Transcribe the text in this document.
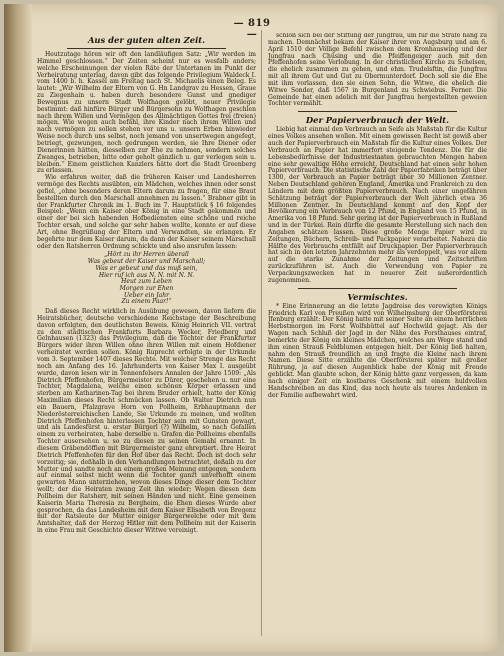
— 819 —
Aus der guten alten Zeit.

Heutzutage hören wir oft den landläufigen Satz: „Wir werden im Himmel geschlossen.“ Der Zeiten scheint nur es wesfalb anders; welche Erscheinungen der vielen Räte der Untertanen im Punkt der Verheiratung unterlag, davon gibt das folgende Privilegium Waldeck I. vom 1400 b. h. Kassel am Freitag nach St. Michaelis einen Beleg. Es lautet: „Wir Wilhelm der Eltern von G. Hn Landgrav zu Hessen, Graue zu Ziegenhain u. haben durch besondere Gunst und gnediger Bewegnus zu unsern Stadt Wolfhagen gelöbt, neuer Privilegie bestimmt: daß hinfüre Bürger und Bürgersohn zu Wolfhagen geschlen nach ihrem Willen und Vermögen des Allmächtigen Gottes frei (freien) mögen. Wie wegen auch befahl, ihre Kinder nach ihrem Willen und nach vermögen zu sollen stehen vor uns u. unsern Erben hinwieder Weise noch durch uns selbst, noch jemand von unsertwegen angefegt, betriegt, gezwungen, noch gedrungen werden, sie Ihre Diener oder Dienerinnen hätten, diesselben zur Ehe zu nehmen, sondern solches Zwanges, betrieben, bitte oder geholt gänzlich u. gar verlegen sein u. bleiben.“ Einem geistlichen Kanzlers hätte dort die Stadt Greenberg zu erlassen.

Wie erfahren weiter, daß die früheren Kaiser und Landesherren vermöge des Rechts ausübten, ein Mädchen, welches ihnen oder sonst gefiel, „ohne besonders deren Eltern darum zu fragen, für eine Braut bestellten durch den Marschall annehmen zu lassen.“ Brabner gibt in der Frankfurter Chronik im 1. Buch im 7. Hauptstück § 16 folgendes Beispiel: „Wenn ein Kaiser ober König in eine Stadt gekommen und einer der bei sich habenden Hofbediensten eine schöne und reiche Tochter ersah, und solche gar sehr haben wollte, konnte er auf diese Art, ohne Begrüßung der Eltern und Verwandten, sie erlangen. Er begehrte nur dem Kaiser darum, da dann der Kaiser seinem Marschall oder den Ratsherren Ordnung schickte und also ansrufen lassen:

„Hört zu ihr Herren überall
Was gebeut der Kaiser und Marschall;
Was er gebeut und das muß sein,
Hier ruf ich aus N. N. mit N. N.
Heut zum Leben
Morgen zur Ehen
Ueber ein Jahr
Zu einem Paar!“

Daß dieses Recht wirklich in Ausübung gewesen, davon liefern die Heiratsbücher, deutsche verschiedene Reichstage der Beschreibung davon erfolgten, den deutlichsten Beweis. König Heinrich VII. vertrat zu den städtischen Frankfurts Barbara Wecker, Friedberg und Gelnhausen (1323) das Privilegium, daß die Töchter der Frankfurter Bürgers wider ihren Willen ohne ihren Willen mit einem Hofdiener verheiratet werden sollen. König Ruprecht erfolgte in der Urkunde vom 3. September 1407 dieses Rechte. Mit welcher Strenge das Recht noch am Anfang des 16. Jahrhunderts von Kaiser Max I. ausgeübt wurde, davon lesen wir in Tennenfelsers Annalen der Jahre 1509: „Als Dietrich Pfeffenhofen, Bürgermeister zu Dürer, geschehen u. nur eine Tochter, Magdalena, welche einen schönen Körper erlassen und sterben am Katharinen-Tag bei ihrem Bruder erhielt, hatte der König Maximilian dieses Recht schmücken lassen. Ob Walter Dietrich nun ein Bauern, Pfalzgrave Horn von Pollheim, Erbhauptmann der Niederösterreichischen Lande, Sie Urkunde zu meinen, und wollten Dietrich Pfeffenhofen hinterlassen Tochter sein mit Gunsten gewagt, und als Landesfürst u. erster Bürgerl (?) Wilhelm, so nach Gefallen einem zu verheiraten, habe derselbe u. Grafen die Pollheims ebenfalls Tochter ausersehen u. so zu diesen zu seinen Gemahl ernannt. In diesem Gräbendöffien mit Bürgermeister ganz ehreptiert. Ihre Heirat Dietrich Pfeffenhofen für den Hof über das Recht. Doch ist doch sehr vorzeitig; sie, deßhalb in den Verhandlungen betrachtet, deßalb zu der Mutter und sandte noch an einem großen Meinung entgegen, sondern auf einmal selbst nicht wenn die Tochter ganzt unverhofft einem gewarten Mann unterziehen, wovon dieses Dinge dieser dem Tochter wollt; der die Heiraten zwang Zeit ihn wieder; Wegen diesen dem Pollheim der Ratsherr, mit seinen Händen und nicht. Eine gemeinen Kaiserin Maria Theresia zu Bergheim, die Ehen dieses Wurde aber gesprochen, da das Landesheim mit dem Kaiser Elisabeth von Bregenz mit der Ratsleute der Mutter einiger Bürgerwelche oder mit dem Amtshalter, daß der Herzog Hitler mit dem Pollheim mit der Kaiserin in eine Frau mit Geschichte dieser Wittwe vereinigt.

schloß sich bei der Stiftung der Jungfrau, um für die Strafe häng zu machen. Demnächst bekam der Kaiser ihrer von Augsburg und am 6. April 1510 der Völlige Befehl zwischen dem Kronhauswing und der Jungfrau nach Chüsing und die Pfeiffengeiger auch mit den Pfeffenhofen seine Verlobung. In der christlichen Kirche zu Schelsen, die ehelich zusammen zu gehen, und ehm. Trudelsftin, die Jungfrau mit all ihrem Gut und Gut zu Obermunterdorf. Doch soll sie die Ehe mit ihm vorlassen, den sie einen Sohn, die Witwe, die ehelich die Witwe Sonder, daß 1567 in Burgenland zu Schwiebus. Ferner. Die Gemeinde hat einen adelich mit der Jungfrau hergestellten geweien Tochter vermählt.

Der Papierverbrauch der Welt.

Liebig hat einmal den Verbrauch an Seife als Maßstab für die Kultur eines Volkes ansehen wollen. Mit einem gewissen Recht ist gewiß aber auch der Papierverbrauch ein Maßstab für die Kultur eines Volkes. Der Verbrauch an Papier hat immerfort steigende Tendenz. Die für die Lebensbedürfnisse der Industriestaaten gebrauchten Mengen haben eine sehr gewaltige Höhe erreicht. Deutschland hat einen sehr hohen Papierverbrauch. Die statistische Zahl der Papierfabriken beträgt über 1300, der Verbrauch an Papier beträgt über 30 Millionen Zentner. Neben Deutschland gehören England, Amerika und Frankreich zu den Ländern mit dem größten Papierverbrauch. Nach einer ungefähren Schätzung beträgt der Papierverbrauch der Welt jährlich etwa 36 Millionen Zentner. In Deutschland kommt auf den Kopf der Bevölkerung ein Verbrauch von 12 Pfund, in England von 15 Pfund, in Amerika von 18 Pfund. Sehr gering ist der Papierverbrauch in Rußland und in der Türkei. Rein dürfte die gesamte Herstellung sich nach den Angaben schätzen lassen. Diese große Menge Papier wird zu Zeitungen, Büchern, Schreib- und Packpapier verarbeitet. Nahezu die Hälfte des Verbrauchs entfällt auf Druckpapier. Der Papierverbrauch hat sich in den letzten Jahrzehnten mehr als verdoppelt, was vor allem auf die starke Zunahme der Zeitungen und Zeitschriften zurückzuführen ist. Auch die Verwendung von Papier zu Verpackungszwecken hat in neuerer Zeit außerordentlich zugenommen.

Vermischtes.

* Eine Erinnerung an die letzte Jagdreise des verewigten Königs Friedrich Karl von Preußen wird von Wilhelmsburg der Oberförsterei Jfenburg erzählt: Der König hatte mit seiner Suite an einem herrlichen Herbstmorgen im Forst Wolfsbüttel auf Hochwild gejagt. Als der Wagen nach Schluß der Jagd in der Nähe des Forsthauses eintraf, bemerkte der König ein kleines Mädchen, welches am Wege stand und ihm einen Strauß Feldblumen entgegen hielt. Der König ließ halten, nahm den Strauß freundlich an und fragte die Kleine nach ihrem Namen. Diese Sitte erzählte die Oberförsterei später mit großer Rührung, ja auf diesen Augenblick habe der König mit Freude geblickt. Man glaubte schon, der König hätte ganz vergessen, da kam nach einiger Zeit ein kostbares Geschenk mit einem huldvollen Handschreiben an das Kind, das noch heute als teures Andenken in der Familie aufbewahrt wird.
